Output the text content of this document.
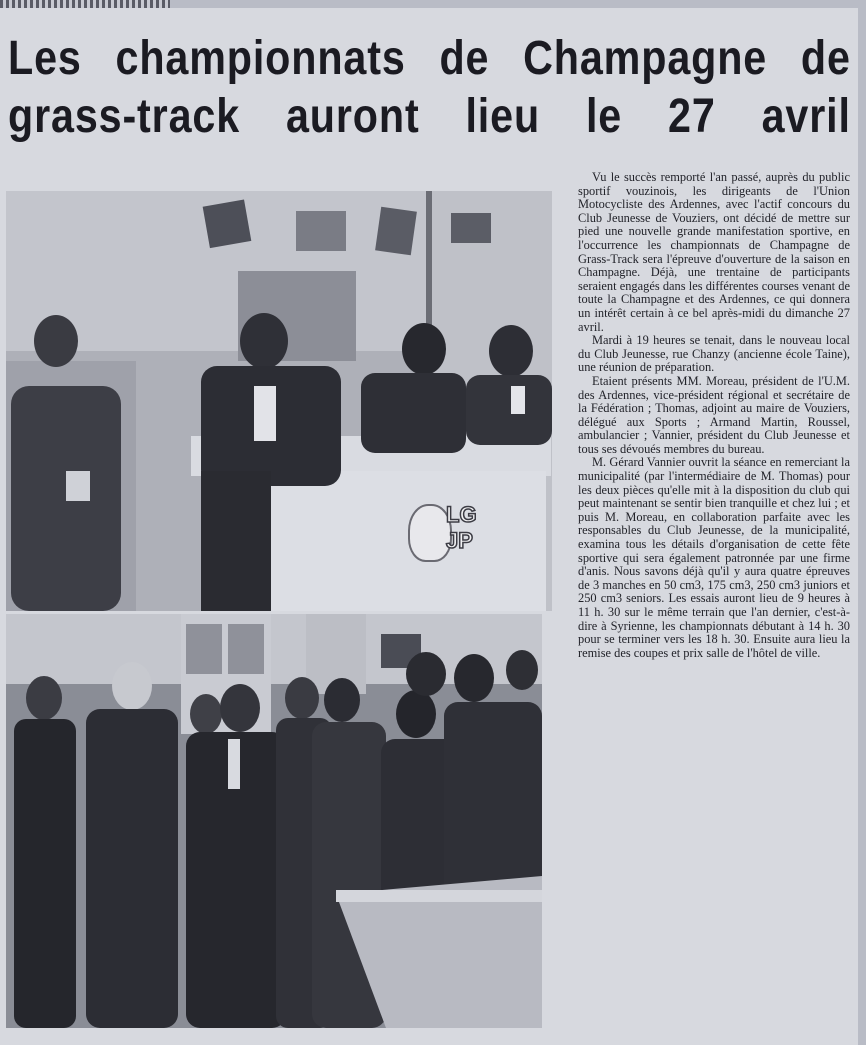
Les championnats de Champagne de
grass-track auront lieu le 27 avril
LG
JP

Vu le succès remporté l'an passé, auprès du public sportif vouzinois, les dirigeants de l'Union Motocycliste des Ardennes, avec l'actif concours du Club Jeunesse de Vouziers, ont décidé de mettre sur pied une nouvelle grande manifestation sportive, en l'occurrence les championnats de Champagne de Grass-Track sera l'épreuve d'ouverture de la saison en Champagne. Déjà, une trentaine de participants seraient engagés dans les différentes courses venant de toute la Champagne et des Ardennes, ce qui donnera un intérêt certain à ce bel après-midi du dimanche 27 avril.

Mardi à 19 heures se tenait, dans le nouveau local du Club Jeunesse, rue Chanzy (ancienne école Taine), une réunion de préparation.

Etaient présents MM. Moreau, président de l'U.M. des Ardennes, vice-président régional et secrétaire de la Fédération ; Thomas, adjoint au maire de Vouziers, délégué aux Sports ; Armand Martin, Roussel, ambulancier ; Vannier, président du Club Jeunesse et tous ses dévoués membres du bureau.

M. Gérard Vannier ouvrit la séance en remerciant la municipalité (par l'intermédiaire de M. Thomas) pour les deux pièces qu'elle mit à la disposition du club qui peut maintenant se sentir bien tranquille et chez lui ; et puis M. Moreau, en collaboration parfaite avec les responsables du Club Jeunesse, de la municipalité, examina tous les détails d'organisation de cette fête sportive qui sera également patronnée par une firme d'anis. Nous savons déjà qu'il y aura quatre épreuves de 3 manches en 50 cm3, 175 cm3, 250 cm3 juniors et 250 cm3 seniors. Les essais auront lieu de 9 heures à 11 h. 30 sur le même terrain que l'an dernier, c'est-à-dire à Syrienne, les championnats débutant à 14 h. 30 pour se terminer vers les 18 h. 30. Ensuite aura lieu la remise des coupes et prix salle de l'hôtel de ville.
